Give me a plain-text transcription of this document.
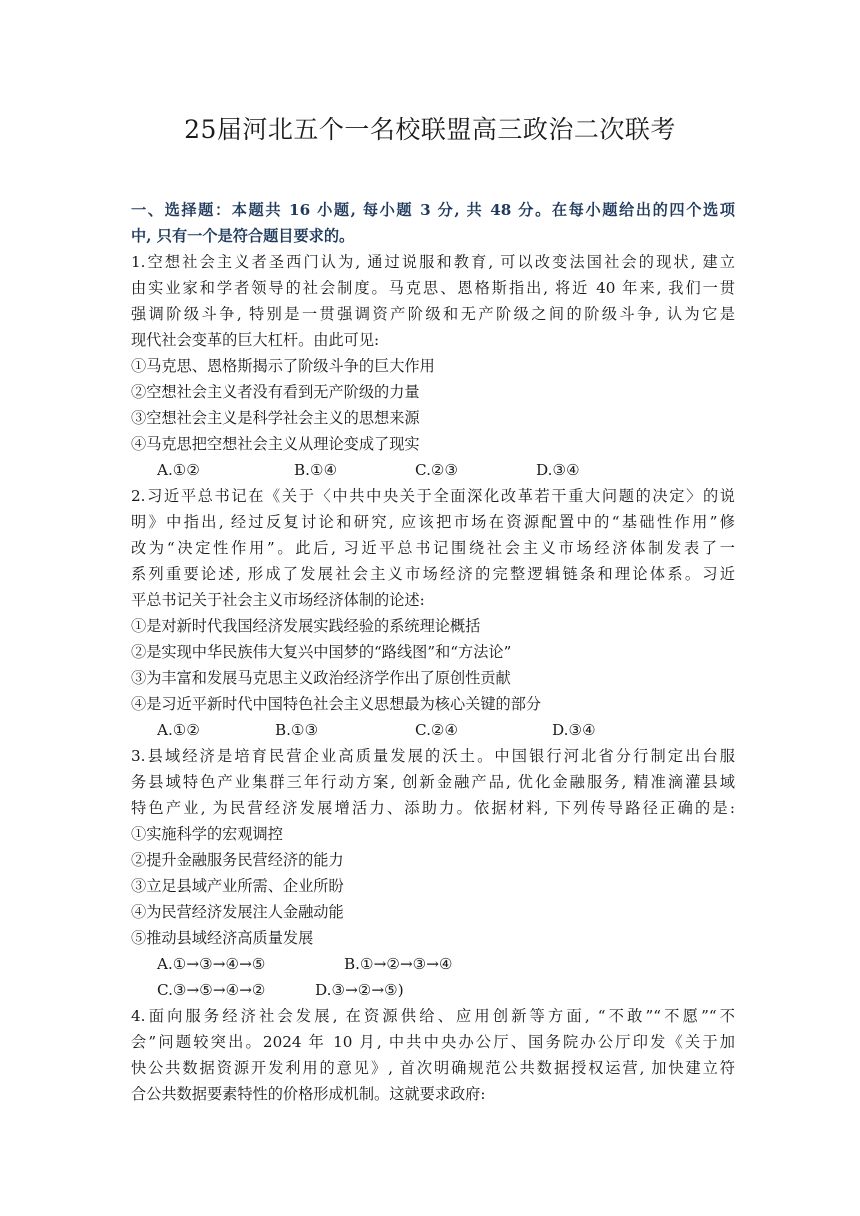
25届河北五个一名校联盟高三政治二次联考
一、选择题：本题共 16 小题, 每小题 3 分, 共 48 分。在每小题给出的四个选项
中, 只有一个是符合题目要求的。
1.空想社会主义者圣西门认为, 通过说服和教育, 可以改变法国社会的现状, 建立
由实业家和学者领导的社会制度。马克思、恩格斯指出, 将近 40 年来, 我们一贯
强调阶级斗争, 特别是一贯强调资产阶级和无产阶级之间的阶级斗争, 认为它是
现代社会变革的巨大杠杆。由此可见:
①马克思、恩格斯揭示了阶级斗争的巨大作用
②空想社会主义者没有看到无产阶级的力量
③空想社会主义是科学社会主义的思想来源
④马克思把空想社会主义从理论变成了现实
A.①②	B.①④	C.②③	D.③④
2.习近平总书记在《关于〈中共中央关于全面深化改革若干重大问题的决定〉的说
明》中指出, 经过反复讨论和研究, 应该把市场在资源配置中的“基础性作用”修
改为“决定性作用”。此后, 习近平总书记围绕社会主义市场经济体制发表了一
系列重要论述, 形成了发展社会主义市场经济的完整逻辑链条和理论体系。习近
平总书记关于社会主义市场经济体制的论述:
①是对新时代我国经济发展实践经验的系统理论概括
②是实现中华民族伟大复兴中国梦的“路线图”和“方法论”
③为丰富和发展马克思主义政治经济学作出了原创性贡献
④是习近平新时代中国特色社会主义思想最为核心关键的部分
A.①②	B.①③	C.②④	D.③④
3.县域经济是培育民营企业高质量发展的沃土。中国银行河北省分行制定出台服
务县域特色产业集群三年行动方案, 创新金融产品, 优化金融服务, 精准滴灌县域
特色产业, 为民营经济发展增活力、添助力。依据材料, 下列传导路径正确的是:
①实施科学的宏观调控
②提升金融服务民营经济的能力
③立足县域产业所需、企业所盼
④为民营经济发展注人金融动能
⑤推动县域经济高质量发展
A.①→③→④→⑤	B.①→②→③→④
C.③→⑤→④→②	D.③→②→⑤)
4.面向服务经济社会发展, 在资源供给、应用创新等方面, “不敢”“不愿”“不
会”问题较突出。2024 年 10 月, 中共中央办公厅、国务院办公厅印发《关于加
快公共数据资源开发利用的意见》, 首次明确规范公共数据授权运营, 加快建立符
合公共数据要素特性的价格形成机制。这就要求政府:
